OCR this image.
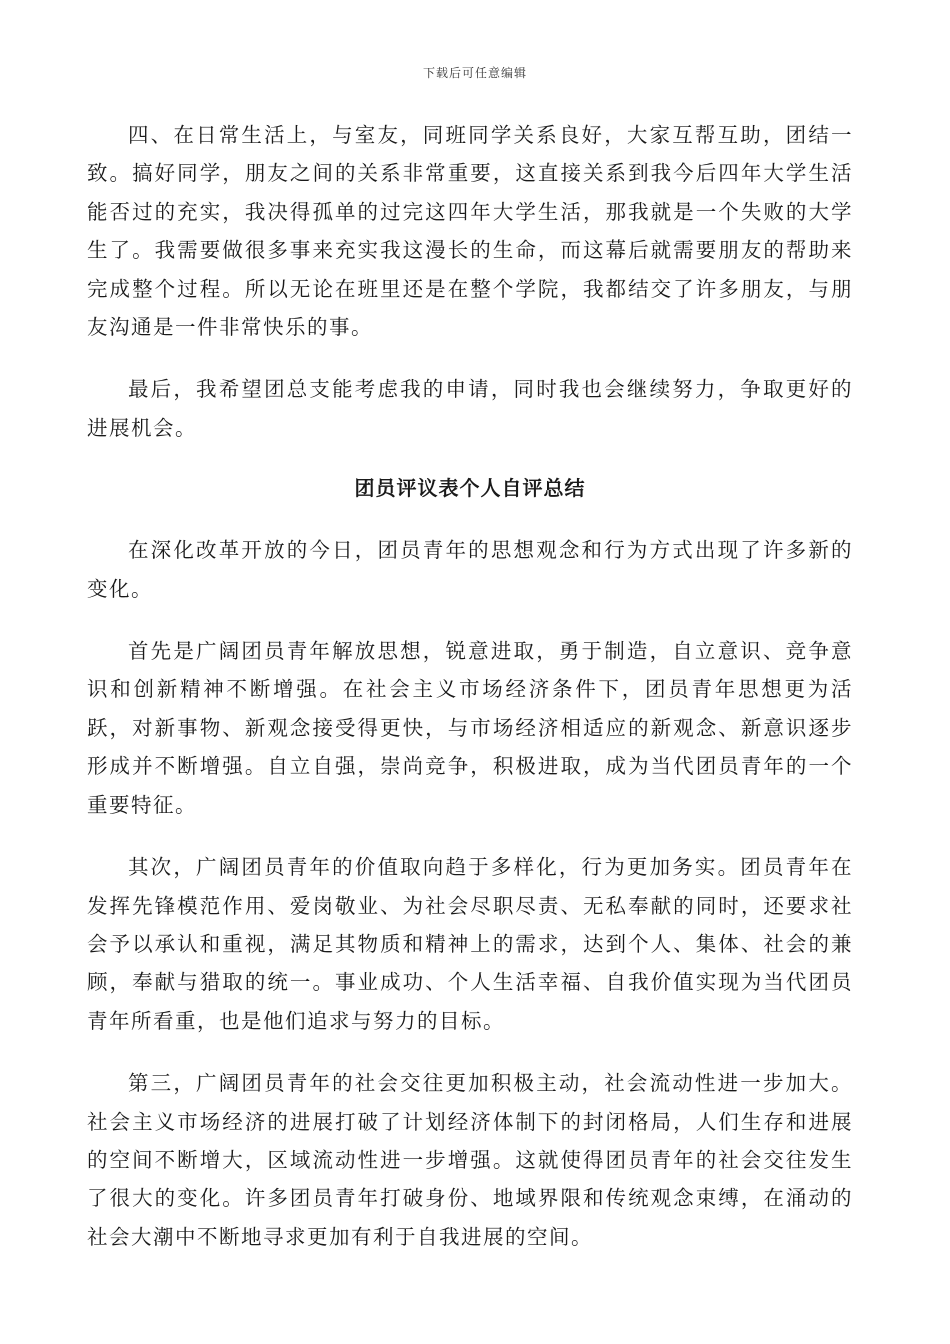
下载后可任意编辑

四、在日常生活上，与室友，同班同学关系良好，大家互帮互助，团结一致。搞好同学，朋友之间的关系非常重要，这直接关系到我今后四年大学生活能否过的充实，我决得孤单的过完这四年大学生活，那我就是一个失败的大学生了。我需要做很多事来充实我这漫长的生命，而这幕后就需要朋友的帮助来完成整个过程。所以无论在班里还是在整个学院，我都结交了许多朋友，与朋友沟通是一件非常快乐的事。

最后，我希望团总支能考虑我的申请，同时我也会继续努力，争取更好的进展机会。

团员评议表个人自评总结

在深化改革开放的今日，团员青年的思想观念和行为方式出现了许多新的变化。

首先是广阔团员青年解放思想，锐意进取，勇于制造，自立意识、竞争意识和创新精神不断增强。在社会主义市场经济条件下，团员青年思想更为活跃，对新事物、新观念接受得更快，与市场经济相适应的新观念、新意识逐步形成并不断增强。自立自强，崇尚竞争，积极进取，成为当代团员青年的一个重要特征。

其次，广阔团员青年的价值取向趋于多样化，行为更加务实。团员青年在发挥先锋模范作用、爱岗敬业、为社会尽职尽责、无私奉献的同时，还要求社会予以承认和重视，满足其物质和精神上的需求，达到个人、集体、社会的兼顾，奉献与猎取的统一。事业成功、个人生活幸福、自我价值实现为当代团员青年所看重，也是他们追求与努力的目标。

第三，广阔团员青年的社会交往更加积极主动，社会流动性进一步加大。社会主义市场经济的进展打破了计划经济体制下的封闭格局，人们生存和进展的空间不断增大，区域流动性进一步增强。这就使得团员青年的社会交往发生了很大的变化。许多团员青年打破身份、地域界限和传统观念束缚，在涌动的社会大潮中不断地寻求更加有利于自我进展的空间。
